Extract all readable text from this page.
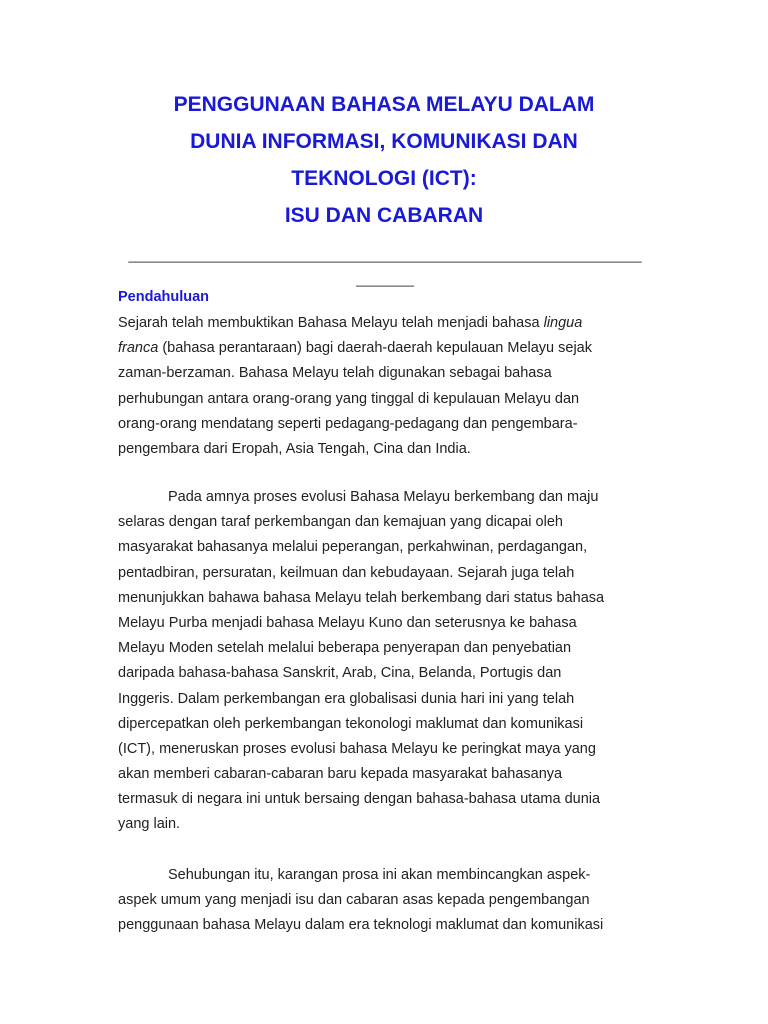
PENGGUNAAN BAHASA MELAYU DALAM
DUNIA INFORMASI, KOMUNIKASI DAN
TEKNOLOGI (ICT):
ISU DAN CABARAN
_______________________________________________________________________
________
Pendahuluan
Sejarah telah membuktikan Bahasa Melayu telah menjadi bahasa lingua
franca (bahasa perantaraan) bagi daerah-daerah kepulauan Melayu sejak
zaman-berzaman. Bahasa Melayu telah digunakan sebagai bahasa
perhubungan antara orang-orang yang tinggal di kepulauan Melayu dan
orang-orang mendatang seperti pedagang-pedagang dan pengembara-
pengembara dari Eropah, Asia Tengah, Cina dan India.
Pada amnya proses evolusi Bahasa Melayu berkembang dan maju
selaras dengan taraf perkembangan dan kemajuan yang dicapai oleh
masyarakat bahasanya melalui peperangan, perkahwinan, perdagangan,
pentadbiran, persuratan, keilmuan dan kebudayaan. Sejarah juga telah
menunjukkan bahawa bahasa Melayu telah berkembang dari status bahasa
Melayu Purba menjadi bahasa Melayu Kuno dan seterusnya ke bahasa
Melayu Moden setelah melalui beberapa penyerapan dan penyebatian
daripada bahasa-bahasa Sanskrit, Arab, Cina, Belanda, Portugis dan
Inggeris. Dalam perkembangan era globalisasi dunia hari ini yang telah
dipercepatkan oleh perkembangan tekonologi maklumat dan komunikasi
(ICT), meneruskan proses evolusi bahasa Melayu ke peringkat maya yang
akan memberi cabaran-cabaran baru kepada masyarakat bahasanya
termasuk di negara ini untuk bersaing dengan bahasa-bahasa utama dunia
yang lain.
Sehubungan itu, karangan prosa ini akan membincangkan aspek-
aspek umum yang menjadi isu dan cabaran asas kepada pengembangan
penggunaan bahasa Melayu dalam era teknologi maklumat dan komunikasi
